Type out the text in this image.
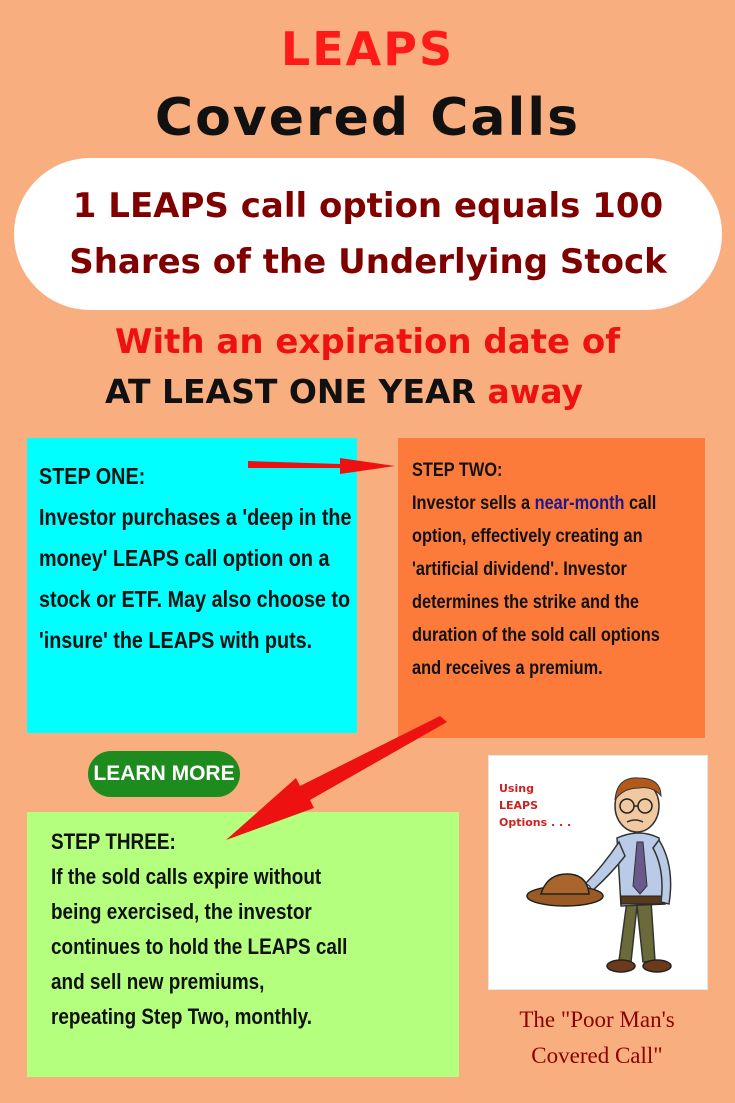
LEAPS
Covered Calls
1 LEAPS call option equals 100
Shares of the Underlying Stock
With an expiration date of
AT LEAST ONE YEAR away
STEP ONE:
Investor purchases a 'deep in the
money' LEAPS call option on a
stock or ETF. May also choose to
'insure' the LEAPS with puts.
STEP TWO:
Investor sells a near-month call
option, effectively creating an
'artificial dividend'. Investor
determines the strike and the
duration of the sold call options
and receives a premium.
STEP THREE:
If the sold calls expire without
being exercised, the investor
continues to hold the LEAPS call
and sell new premiums,
repeating Step Two, monthly.
LEARN MORE
Using
LEAPS
Options . . .
The "Poor Man's
Covered Call"
